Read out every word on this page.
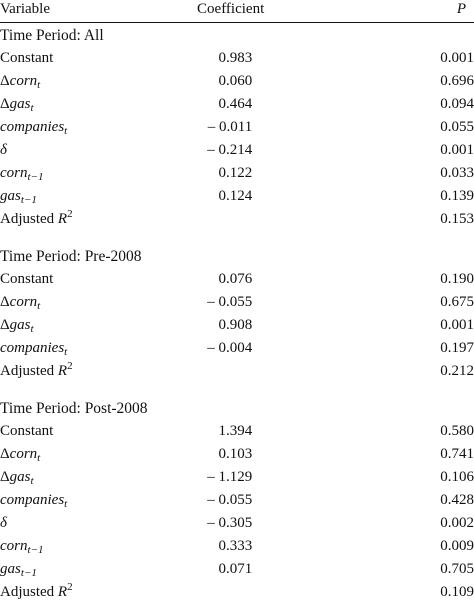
Variable	Coefficient	P

Time Period: All		
Constant	0.983	0.001
Δcorn$_t$	0.060	0.696
Δgas$_t$	0.464	0.094
companies$_t$	– 0.011	0.055
δ	– 0.214	0.001
corn$_{t-1}$	0.122	0.033
gas$_{t-1}$	0.124	0.139
Adjusted $R^2$		0.153

Time Period: Pre-2008		
Constant	0.076	0.190
Δcorn$_t$	– 0.055	0.675
Δgas$_t$	0.908	0.001
companies$_t$	– 0.004	0.197
Adjusted $R^2$		0.212

Time Period: Post-2008		
Constant	1.394	0.580
Δcorn$_t$	0.103	0.741
Δgas$_t$	– 1.129	0.106
companies$_t$	– 0.055	0.428
δ	– 0.305	0.002
corn$_{t-1}$	0.333	0.009
gas$_{t-1}$	0.071	0.705
Adjusted $R^2$		0.109
